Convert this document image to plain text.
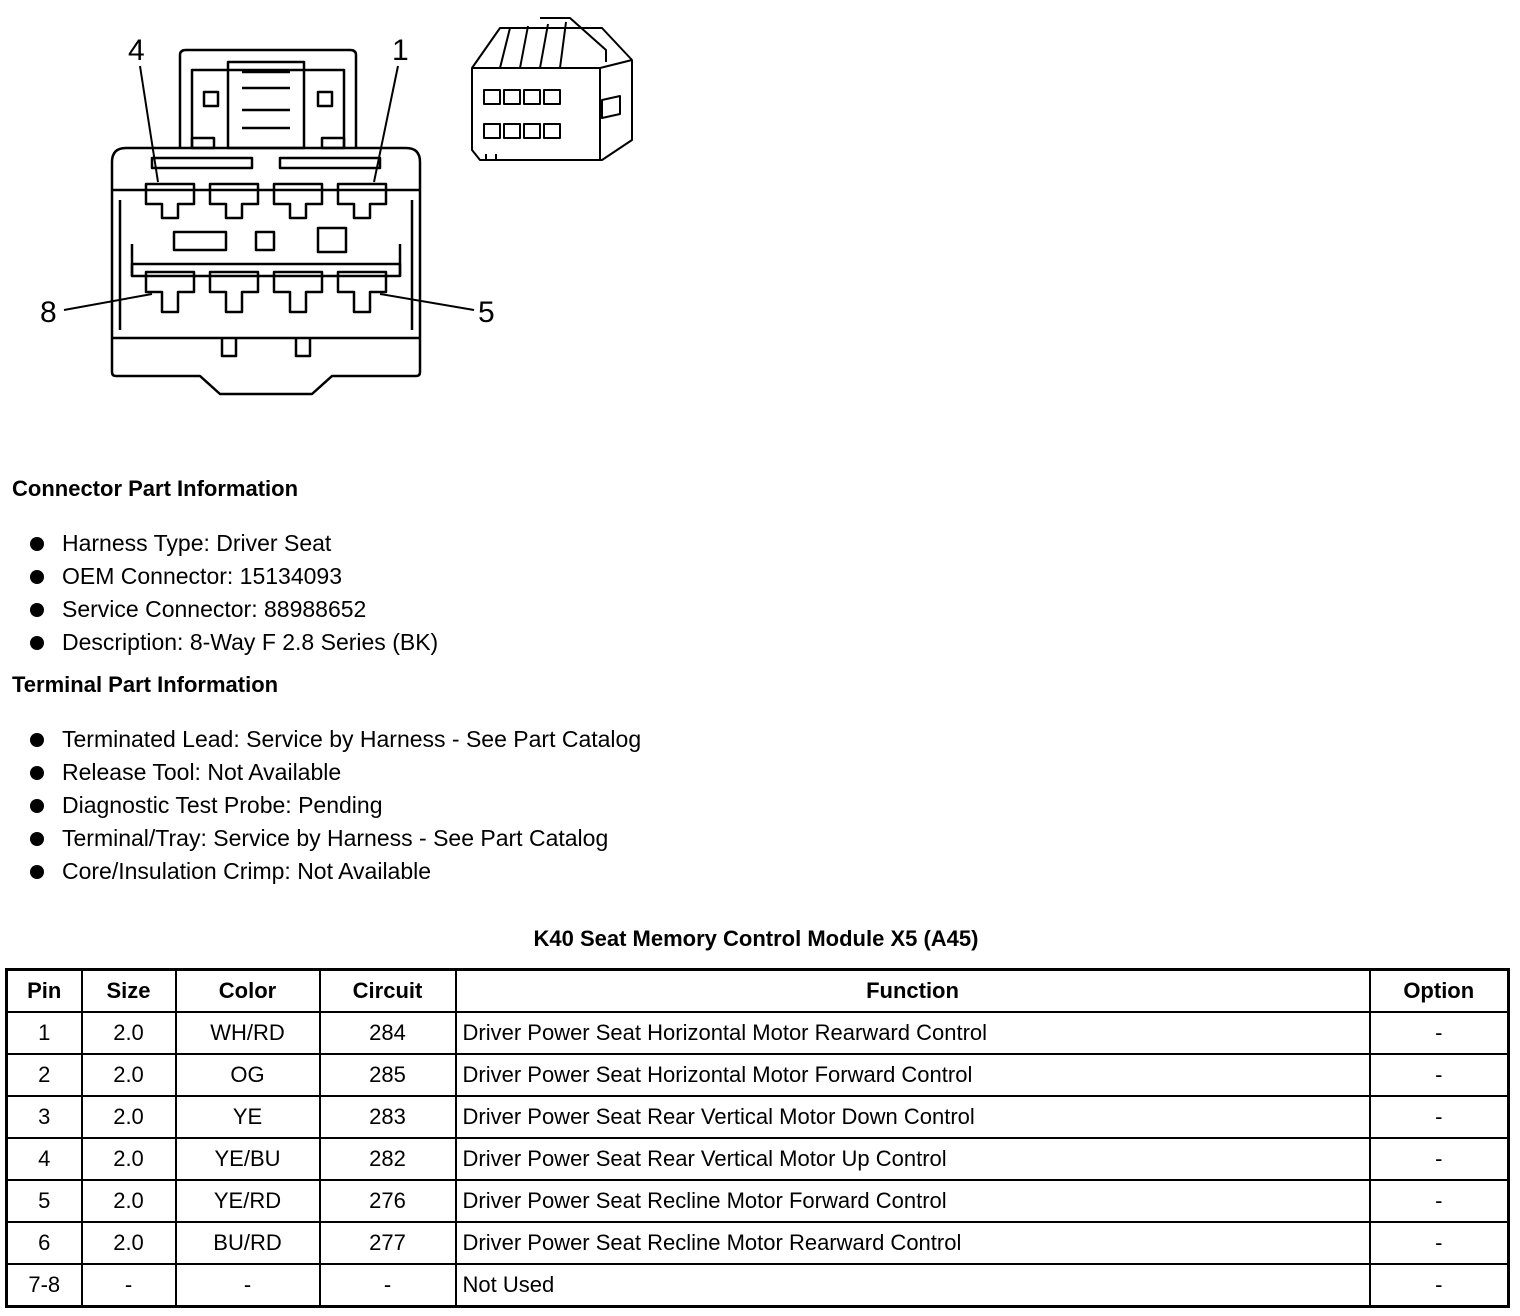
4	1
8	5
Connector Part Information
Harness Type: Driver Seat
OEM Connector: 15134093
Service Connector: 88988652
Description: 8-Way F 2.8 Series (BK)
Terminal Part Information
Terminated Lead: Service by Harness - See Part Catalog
Release Tool: Not Available
Diagnostic Test Probe: Pending
Terminal/Tray: Service by Harness - See Part Catalog
Core/Insulation Crimp: Not Available
K40 Seat Memory Control Module X5 (A45)
Pin	Size	Color	Circuit	Function	Option
1	2.0	WH/RD	284	Driver Power Seat Horizontal Motor Rearward Control	-
2	2.0	OG	285	Driver Power Seat Horizontal Motor Forward Control	-
3	2.0	YE	283	Driver Power Seat Rear Vertical Motor Down Control	-
4	2.0	YE/BU	282	Driver Power Seat Rear Vertical Motor Up Control	-
5	2.0	YE/RD	276	Driver Power Seat Recline Motor Forward Control	-
6	2.0	BU/RD	277	Driver Power Seat Recline Motor Rearward Control	-
7-8	-	-	-	Not Used	-
